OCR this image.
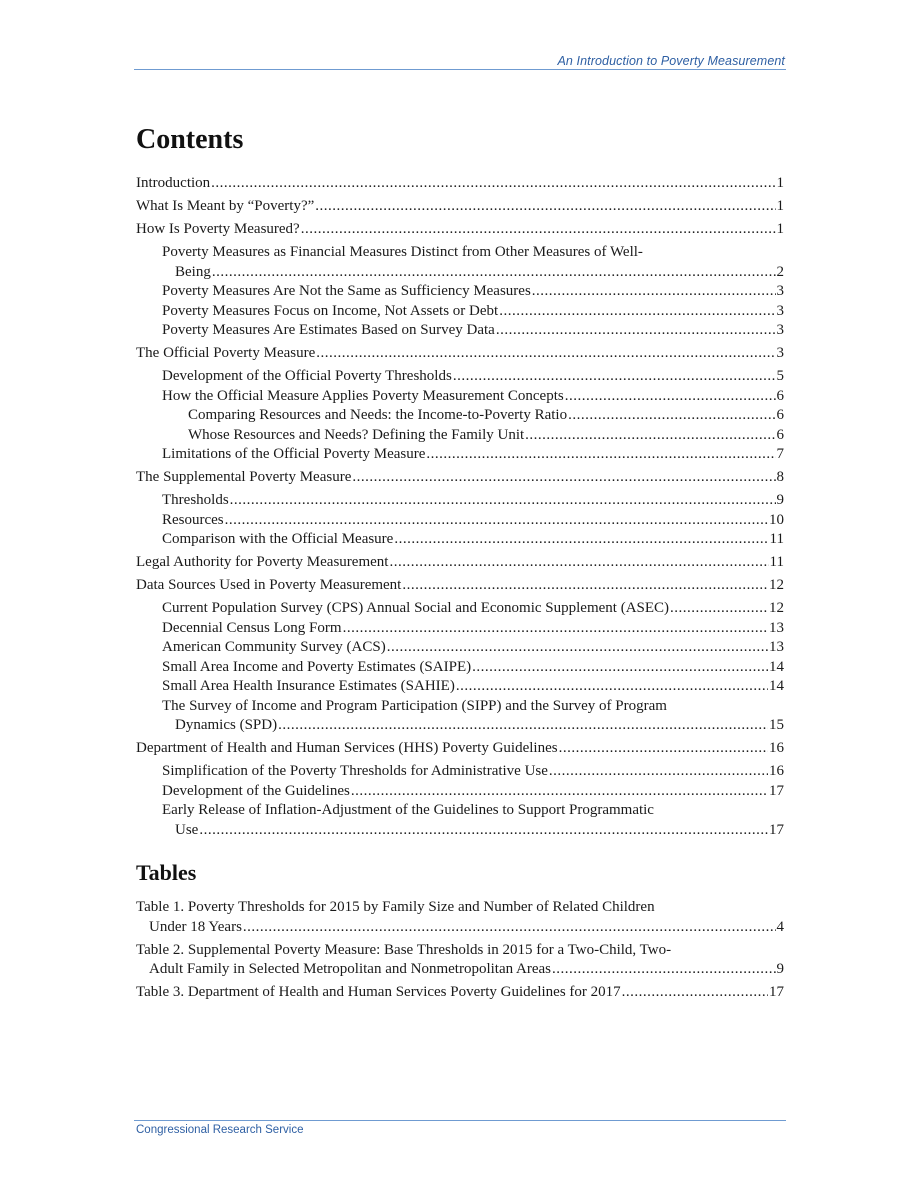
An Introduction to Poverty Measurement
Contents
Introduction .....	1
What Is Meant by “Poverty?” .....	1
How Is Poverty Measured? .....	1
Poverty Measures as Financial Measures Distinct from Other Measures of Well-
Being .....	2
Poverty Measures Are Not the Same as Sufficiency Measures .....	3
Poverty Measures Focus on Income, Not Assets or Debt .....	3
Poverty Measures Are Estimates Based on Survey Data .....	3
The Official Poverty Measure .....	3
Development of the Official Poverty Thresholds .....	5
How the Official Measure Applies Poverty Measurement Concepts .....	6
Comparing Resources and Needs: the Income-to-Poverty Ratio .....	6
Whose Resources and Needs? Defining the Family Unit .....	6
Limitations of the Official Poverty Measure .....	7
The Supplemental Poverty Measure .....	8
Thresholds .....	9
Resources .....	10
Comparison with the Official Measure .....	11
Legal Authority for Poverty Measurement .....	11
Data Sources Used in Poverty Measurement .....	12
Current Population Survey (CPS) Annual Social and Economic Supplement (ASEC) .....	12
Decennial Census Long Form .....	13
American Community Survey (ACS) .....	13
Small Area Income and Poverty Estimates (SAIPE) .....	14
Small Area Health Insurance Estimates (SAHIE) .....	14
The Survey of Income and Program Participation (SIPP) and the Survey of Program
Dynamics (SPD) .....	15
Department of Health and Human Services (HHS) Poverty Guidelines .....	16
Simplification of the Poverty Thresholds for Administrative Use .....	16
Development of the Guidelines .....	17
Early Release of Inflation-Adjustment of the Guidelines to Support Programmatic
Use .....	17
Tables
Table 1. Poverty Thresholds for 2015 by Family Size and Number of Related Children
Under 18 Years .....	4
Table 2. Supplemental Poverty Measure: Base Thresholds in 2015 for a Two-Child, Two-
Adult Family in Selected Metropolitan and Nonmetropolitan Areas .....	9
Table 3. Department of Health and Human Services Poverty Guidelines for 2017 .....	17
Congressional Research Service
